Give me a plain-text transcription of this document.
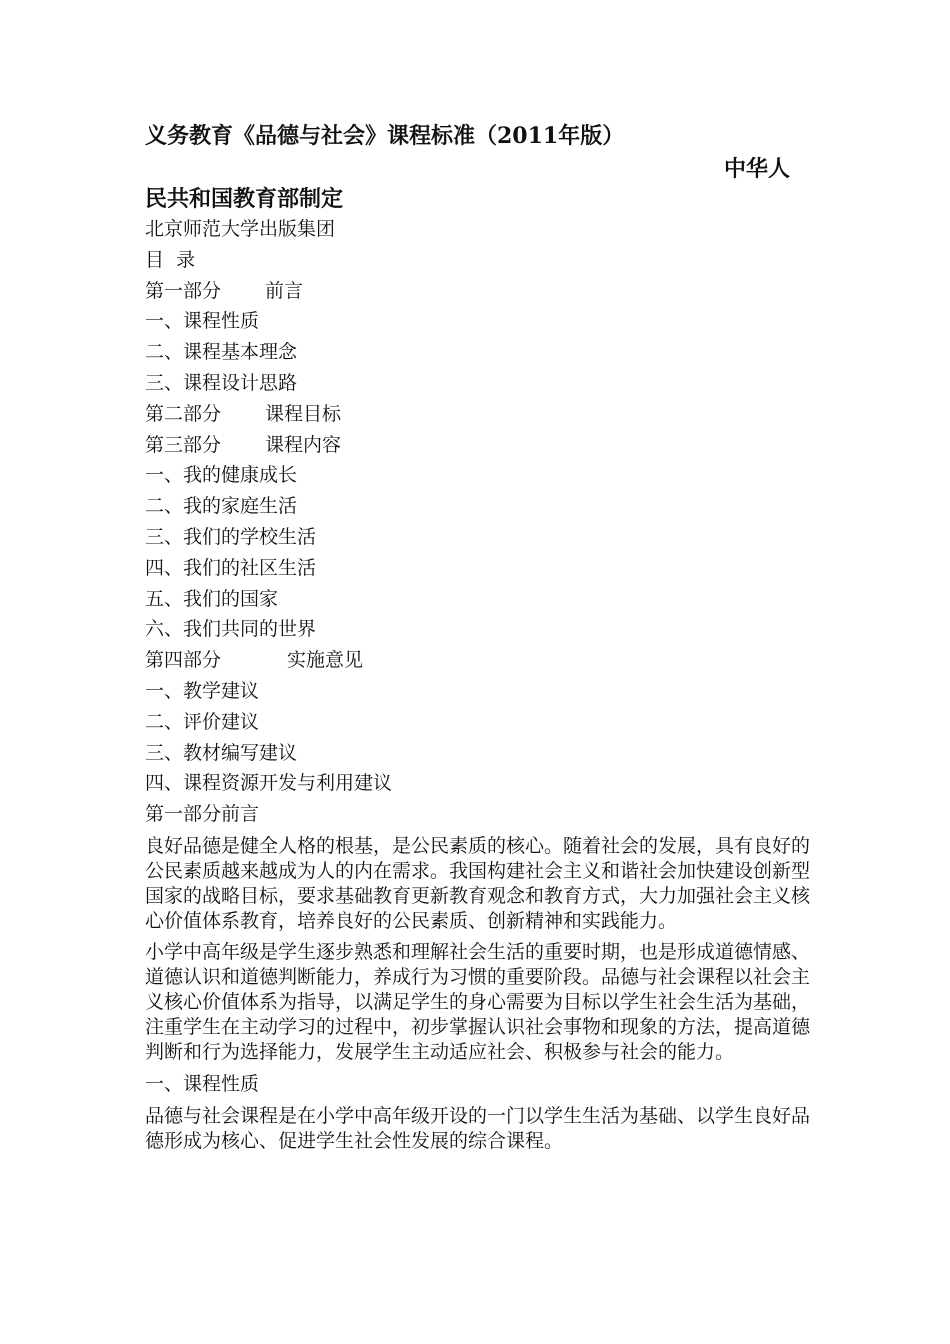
义务教育《品德与社会》课程标准（2011年版）

中华人

民共和国教育部制定

北京师范大学出版集团

目  录

第一部分 前言

一、课程性质

二、课程基本理念

三、课程设计思路

第二部分 课程目标

第三部分 课程内容

一、我的健康成长

二、我的家庭生活

三、我们的学校生活

四、我们的社区生活

五、我们的国家

六、我们共同的世界

第四部分	实施意见

一、教学建议

二、评价建议

三、教材编写建议

四、课程资源开发与利用建议

第一部分前言

良好品德是健全人格的根基，是公民素质的核心。随着社会的发展，具有良好的公民素质越来越成为人的内在需求。我国构建社会主义和谐社会加快建设创新型国家的战略目标，要求基础教育更新教育观念和教育方式，大力加强社会主义核心价值体系教育，培养良好的公民素质、创新精神和实践能力。

小学中高年级是学生逐步熟悉和理解社会生活的重要时期，也是形成道德情感、道德认识和道德判断能力，养成行为习惯的重要阶段。品德与社会课程以社会主义核心价值体系为指导，以满足学生的身心需要为目标以学生社会生活为基础，注重学生在主动学习的过程中，初步掌握认识社会事物和现象的方法，提高道德判断和行为选择能力，发展学生主动适应社会、积极参与社会的能力。

一、课程性质

品德与社会课程是在小学中高年级开设的一门以学生生活为基础、以学生良好品德形成为核心、促进学生社会性发展的综合课程。
